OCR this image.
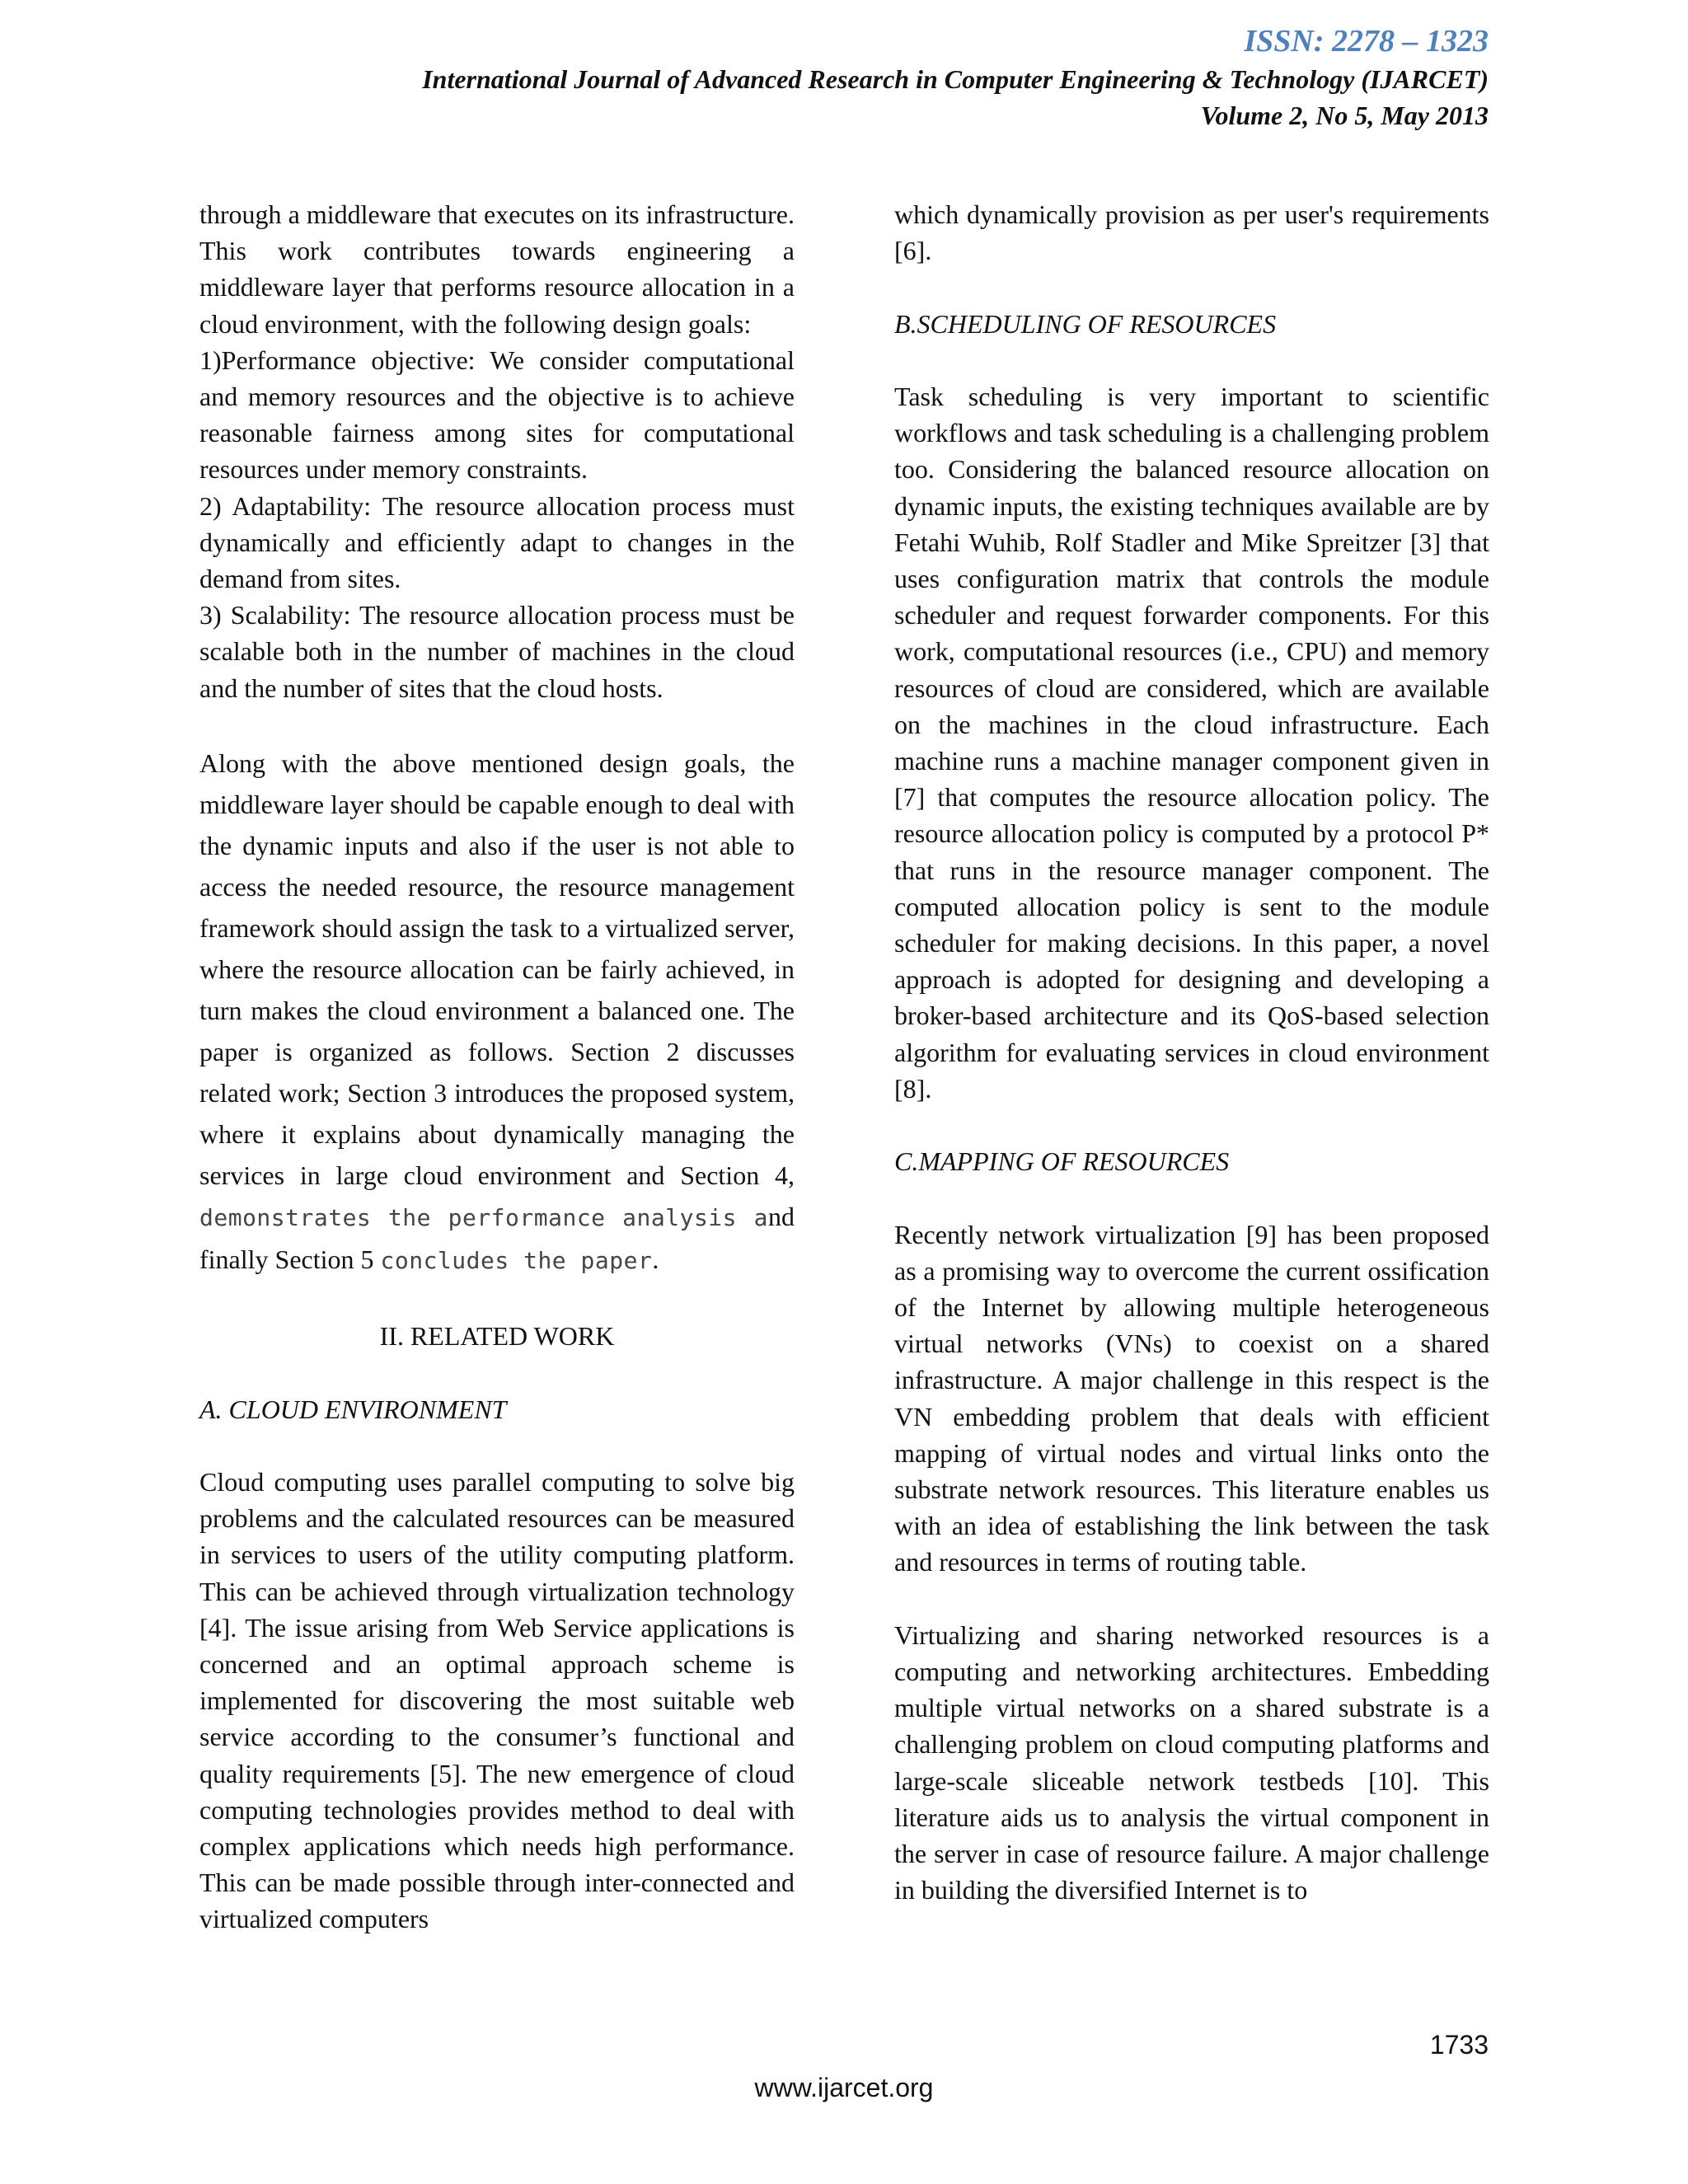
ISSN: 2278 – 1323
International Journal of Advanced Research in Computer Engineering & Technology (IJARCET)
Volume 2, No 5, May 2013
through a middleware that executes on its infrastructure. This work contributes towards engineering a middleware layer that performs resource allocation in a cloud environment, with the following design goals:
1)Performance objective: We consider computational and memory resources and the objective is to achieve reasonable fairness among sites for computational resources under memory constraints.
2) Adaptability: The resource allocation process must dynamically and efficiently adapt to changes in the demand from sites.
3) Scalability: The resource allocation process must be scalable both in the number of machines in the cloud and the number of sites that the cloud hosts.
Along with the above mentioned design goals, the middleware layer should be capable enough to deal with the dynamic inputs and also if the user is not able to access the needed resource, the resource management framework should assign the task to a virtualized server, where the resource allocation can be fairly achieved, in turn makes the cloud environment a balanced one. The paper is organized as follows. Section 2 discusses related work; Section 3 introduces the proposed system, where it explains about dynamically managing the services in large cloud environment and Section 4, demonstrates the performance analysis and finally Section 5 concludes the paper.
II. RELATED WORK
A. CLOUD ENVIRONMENT
Cloud computing uses parallel computing to solve big problems and the calculated resources can be measured in services to users of the utility computing platform. This can be achieved through virtualization technology [4]. The issue arising from Web Service applications is concerned and an optimal approach scheme is implemented for discovering the most suitable web service according to the consumer’s functional and quality requirements [5]. The new emergence of cloud computing technologies provides method to deal with complex applications which needs high performance. This can be made possible through inter-connected and virtualized computers
which dynamically provision as per user's requirements [6].
B.SCHEDULING OF RESOURCES
Task scheduling is very important to scientific workflows and task scheduling is a challenging problem too. Considering the balanced resource allocation on dynamic inputs, the existing techniques available are by Fetahi Wuhib, Rolf Stadler and Mike Spreitzer [3] that uses configuration matrix that controls the module scheduler and request forwarder components. For this work, computational resources (i.e., CPU) and memory resources of cloud are considered, which are available on the machines in the cloud infrastructure. Each machine runs a machine manager component given in [7] that computes the resource allocation policy. The resource allocation policy is computed by a protocol P* that runs in the resource manager component. The computed allocation policy is sent to the module scheduler for making decisions. In this paper, a novel approach is adopted for designing and developing a broker-based architecture and its QoS-based selection algorithm for evaluating services in cloud environment [8].
C.MAPPING OF RESOURCES
Recently network virtualization [9] has been proposed as a promising way to overcome the current ossification of the Internet by allowing multiple heterogeneous virtual networks (VNs) to coexist on a shared infrastructure. A major challenge in this respect is the VN embedding problem that deals with efficient mapping of virtual nodes and virtual links onto the substrate network resources. This literature enables us with an idea of establishing the link between the task and resources in terms of routing table.
Virtualizing and sharing networked resources is a computing and networking architectures. Embedding multiple virtual networks on a shared substrate is a challenging problem on cloud computing platforms and large-scale sliceable network testbeds [10]. This literature aids us to analysis the virtual component in the server in case of resource failure. A major challenge in building the diversified Internet is to
1733
www.ijarcet.org
